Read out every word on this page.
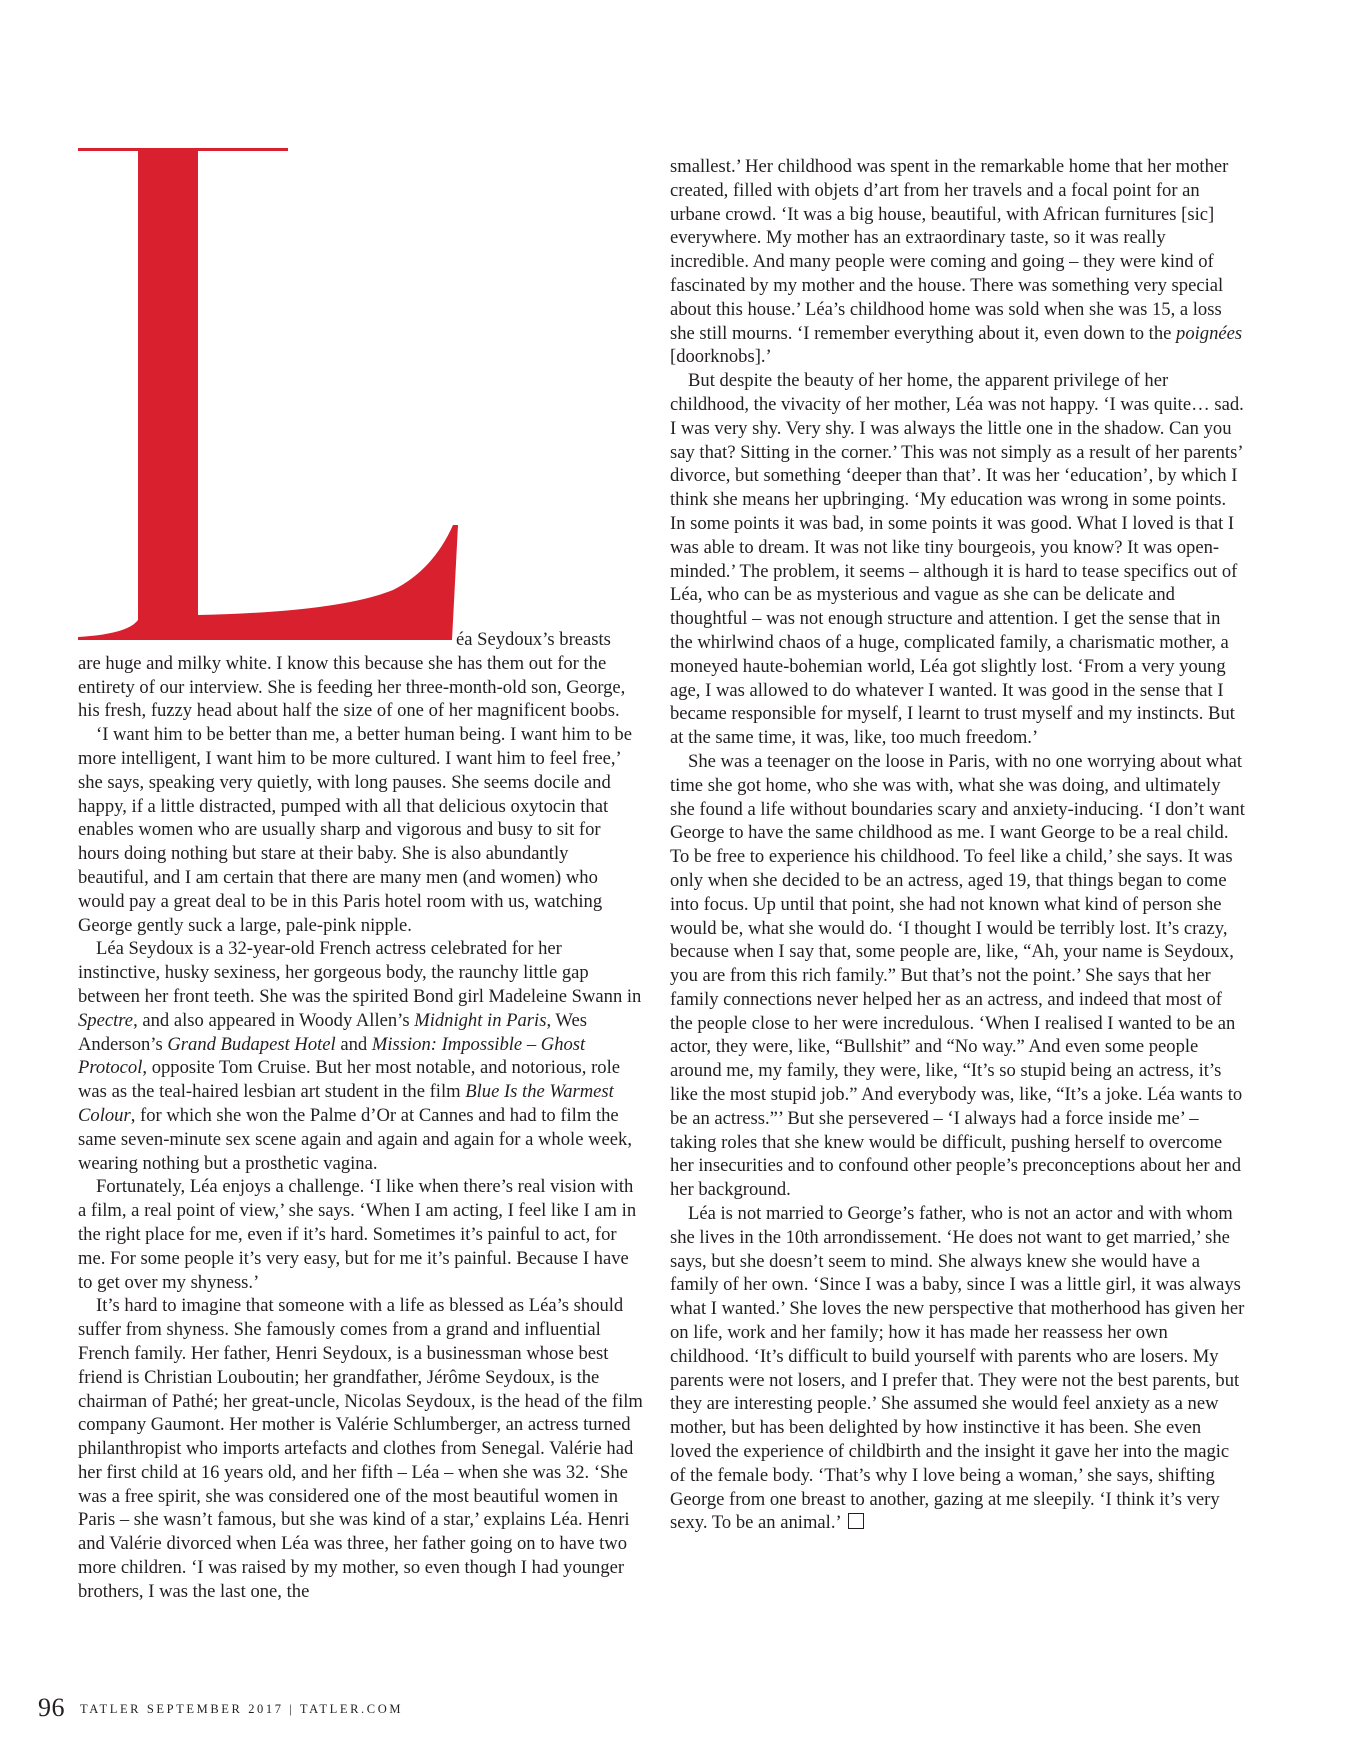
L
éa Seydoux’s breasts

are huge and milky white. I know this because she has them out for the entirety of our interview. She is feeding her three-month-old son, George, his fresh, fuzzy head about half the size of one of her magnificent boobs.

‘I want him to be better than me, a better human being. I want him to be more intelligent, I want him to be more cultured. I want him to feel free,’ she says, speaking very quietly, with long pauses. She seems docile and happy, if a little distracted, pumped with all that delicious oxytocin that enables women who are usually sharp and vigorous and busy to sit for hours doing nothing but stare at their baby. She is also abundantly beautiful, and I am certain that there are many men (and women) who would pay a great deal to be in this Paris hotel room with us, watching George gently suck a large, pale-pink nipple.

Léa Seydoux is a 32-year-old French actress celebrated for her instinctive, husky sexiness, her gorgeous body, the raunchy little gap between her front teeth. She was the spirited Bond girl Madeleine Swann in Spectre, and also appeared in Woody Allen’s Midnight in Paris, Wes Anderson’s Grand Budapest Hotel and Mission: Impossible – Ghost Protocol, opposite Tom Cruise. But her most notable, and notorious, role was as the teal-haired lesbian art student in the film Blue Is the Warmest Colour, for which she won the Palme d’Or at Cannes and had to film the same seven-minute sex scene again and again and again for a whole week, wearing nothing but a prosthetic vagina.

Fortunately, Léa enjoys a challenge. ‘I like when there’s real vision with a film, a real point of view,’ she says. ‘When I am acting, I feel like I am in the right place for me, even if it’s hard. Sometimes it’s painful to act, for me. For some people it’s very easy, but for me it’s painful. Because I have to get over my shyness.’

It’s hard to imagine that someone with a life as blessed as Léa’s should suffer from shyness. She famously comes from a grand and influential French family. Her father, Henri Seydoux, is a businessman whose best friend is Christian Louboutin; her grandfather, Jérôme Seydoux, is the chairman of Pathé; her great-uncle, Nicolas Seydoux, is the head of the film company Gaumont. Her mother is Valérie Schlumberger, an actress turned philanthropist who imports artefacts and clothes from Senegal. Valérie had her first child at 16 years old, and her fifth – Léa – when she was 32. ‘She was a free spirit, she was considered one of the most beautiful women in Paris – she wasn’t famous, but she was kind of a star,’ explains Léa. Henri and Valérie divorced when Léa was three, her father going on to have two more children. ‘I was raised by my mother, so even though I had younger brothers, I was the last one, the

smallest.’ Her childhood was spent in the remarkable home that her mother created, filled with objets d’art from her travels and a focal point for an urbane crowd. ‘It was a big house, beautiful, with African furnitures [sic] everywhere. My mother has an extraordinary taste, so it was really incredible. And many people were coming and going – they were kind of fascinated by my mother and the house. There was something very special about this house.’ Léa’s childhood home was sold when she was 15, a loss she still mourns. ‘I remember everything about it, even down to the poignées [doorknobs].’

But despite the beauty of her home, the apparent privilege of her childhood, the vivacity of her mother, Léa was not happy. ‘I was quite… sad. I was very shy. Very shy. I was always the little one in the shadow. Can you say that? Sitting in the corner.’ This was not simply as a result of her parents’ divorce, but something ‘deeper than that’. It was her ‘education’, by which I think she means her upbringing. ‘My education was wrong in some points. In some points it was bad, in some points it was good. What I loved is that I was able to dream. It was not like tiny bourgeois, you know? It was open-minded.’ The problem, it seems – although it is hard to tease specifics out of Léa, who can be as mysterious and vague as she can be delicate and thoughtful – was not enough structure and attention. I get the sense that in the whirlwind chaos of a huge, complicated family, a charismatic mother, a moneyed haute-bohemian world, Léa got slightly lost. ‘From a very young age, I was allowed to do whatever I wanted. It was good in the sense that I became responsible for myself, I learnt to trust myself and my instincts. But at the same time, it was, like, too much freedom.’

She was a teenager on the loose in Paris, with no one worrying about what time she got home, who she was with, what she was doing, and ultimately she found a life without boundaries scary and anxiety-inducing. ‘I don’t want George to have the same childhood as me. I want George to be a real child. To be free to experience his childhood. To feel like a child,’ she says. It was only when she decided to be an actress, aged 19, that things began to come into focus. Up until that point, she had not known what kind of person she would be, what she would do. ‘I thought I would be terribly lost. It’s crazy, because when I say that, some people are, like, “Ah, your name is Seydoux, you are from this rich family.” But that’s not the point.’ She says that her family connections never helped her as an actress, and indeed that most of the people close to her were incredulous. ‘When I realised I wanted to be an actor, they were, like, “Bullshit” and “No way.” And even some people around me, my family, they were, like, “It’s so stupid being an actress, it’s like the most stupid job.” And everybody was, like, “It’s a joke. Léa wants to be an actress.”’ But she persevered – ‘I always had a force inside me’ – taking roles that she knew would be difficult, pushing herself to overcome her insecurities and to confound other people’s preconceptions about her and her background.

Léa is not married to George’s father, who is not an actor and with whom she lives in the 10th arrondissement. ‘He does not want to get married,’ she says, but she doesn’t seem to mind. She always knew she would have a family of her own. ‘Since I was a baby, since I was a little girl, it was always what I wanted.’ She loves the new perspective that motherhood has given her on life, work and her family; how it has made her reassess her own childhood. ‘It’s difficult to build yourself with parents who are losers. My parents were not losers, and I prefer that. They were not the best parents, but they are interesting people.’ She assumed she would feel anxiety as a new mother, but has been delighted by how instinctive it has been. She even loved the experience of childbirth and the insight it gave her into the magic of the female body. ‘That’s why I love being a woman,’ she says, shifting George from one breast to another, gazing at me sleepily. ‘I think it’s very sexy. To be an animal.’

96 TATLER SEPTEMBER 2017 | TATLER.COM
